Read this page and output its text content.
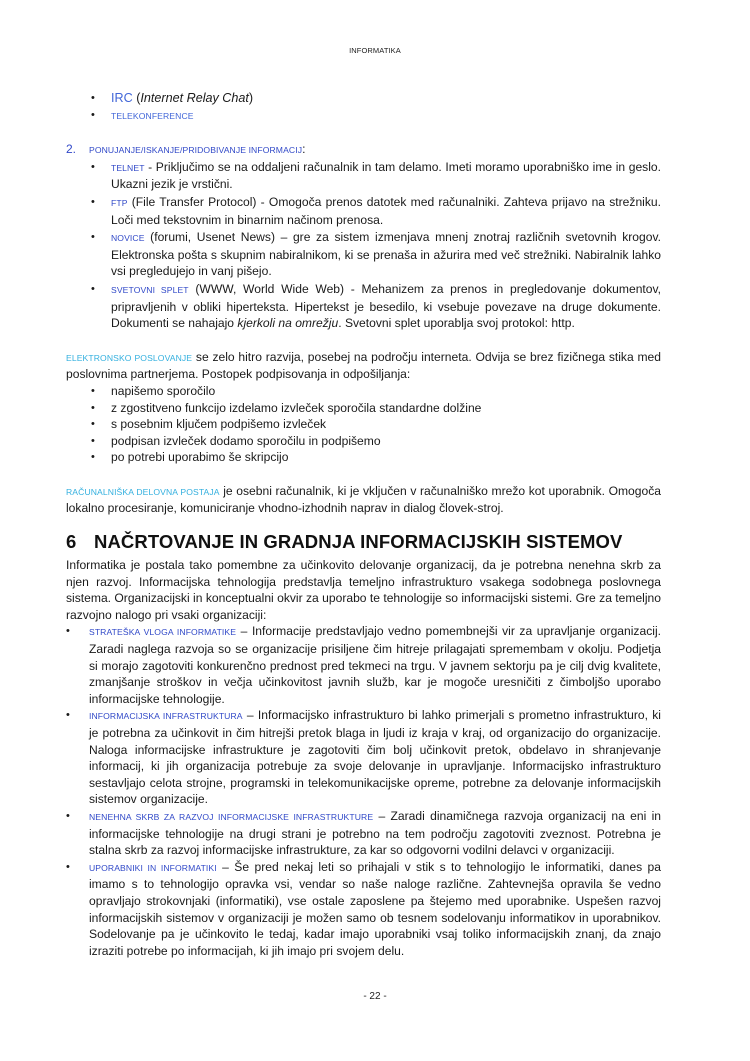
INFORMATIKA
• IRC (Internet Relay Chat)
• TELEKONFERENCE
2. PONUJANJE/ISKANJE/PRIDOBIVANJE INFORMACIJ:
• TELNET - Priključimo se na oddaljeni računalnik in tam delamo. Imeti moramo uporabniško ime in geslo. Ukazni jezik je vrstični.
• FTP (File Transfer Protocol) - Omogoča prenos datotek med računalniki. Zahteva prijavo na strežniku. Loči med tekstovnim in binarnim načinom prenosa.
• NOVICE (forumi, Usenet News) – gre za sistem izmenjava mnenj znotraj različnih svetovnih krogov. Elektronska pošta s skupnim nabiralnikom, ki se prenaša in ažurira med več strežniki. Nabiralnik lahko vsi pregledujejo in vanj pišejo.
• SVETOVNI SPLET (WWW, World Wide Web) - Mehanizem za prenos in pregledovanje dokumentov, pripravljenih v obliki hiperteksta. Hipertekst je besedilo, ki vsebuje povezave na druge dokumente. Dokumenti se nahajajo kjerkoli na omrežju. Svetovni splet uporablja svoj protokol: http.

ELEKTRONSKO POSLOVANJE se zelo hitro razvija, posebej na področju interneta. Odvija se brez fizičnega stika med poslovnima partnerjema. Postopek podpisovanja in odpošiljanja:

• napišemo sporočilo
• z zgostitveno funkcijo izdelamo izvleček sporočila standardne dolžine
• s posebnim ključem podpišemo izvleček
• podpisan izvleček dodamo sporočilu in podpišemo
• po potrebi uporabimo še skripcijo

RAČUNALNIŠKA DELOVNA POSTAJA je osebni računalnik, ki je vključen v računalniško mrežo kot uporabnik. Omogoča lokalno procesiranje, komuniciranje vhodno-izhodnih naprav in dialog človek-stroj.

6 NAČRTOVANJE IN GRADNJA INFORMACIJSKIH SISTEMOV

Informatika je postala tako pomembne za učinkovito delovanje organizacij, da je potrebna nenehna skrb za njen razvoj. Informacijska tehnologija predstavlja temeljno infrastrukturo vsakega sodobnega poslovnega sistema. Organizacijski in konceptualni okvir za uporabo te tehnologije so informacijski sistemi. Gre za temeljno razvojno nalogo pri vsaki organizaciji:

• STRATEŠKA VLOGA INFORMATIKE – Informacije predstavljajo vedno pomembnejši vir za upravljanje organizacij. Zaradi naglega razvoja so se organizacije prisiljene čim hitreje prilagajati spremembam v okolju. Podjetja si morajo zagotoviti konkurenčno prednost pred tekmeci na trgu. V javnem sektorju pa je cilj dvig kvalitete, zmanjšanje stroškov in večja učinkovitost javnih služb, kar je mogoče uresničiti z čimboljšo uporabo informacijske tehnologije.
• INFORMACIJSKA INFRASTRUKTURA – Informacijsko infrastrukturo bi lahko primerjali s prometno infrastrukturo, ki je potrebna za učinkovit in čim hitrejši pretok blaga in ljudi iz kraja v kraj, od organizacijo do organizacije. Naloga informacijske infrastrukture je zagotoviti čim bolj učinkovit pretok, obdelavo in shranjevanje informacij, ki jih organizacija potrebuje za svoje delovanje in upravljanje. Informacijsko infrastrukturo sestavljajo celota strojne, programski in telekomunikacijske opreme, potrebne za delovanje informacijskih sistemov organizacije.
• NENEHNA SKRB ZA RAZVOJ INFORMACIJSKE INFRASTRUKTURE – Zaradi dinamičnega razvoja organizacij na eni in informacijske tehnologije na drugi strani je potrebno na tem področju zagotoviti zveznost. Potrebna je stalna skrb za razvoj informacijske infrastrukture, za kar so odgovorni vodilni delavci v organizaciji.
• UPORABNIKI IN INFORMATIKI – Še pred nekaj leti so prihajali v stik s to tehnologijo le informatiki, danes pa imamo s to tehnologijo opravka vsi, vendar so naše naloge različne. Zahtevnejša opravila še vedno opravljajo strokovnjaki (informatiki), vse ostale zaposlene pa štejemo med uporabnike. Uspešen razvoj informacijskih sistemov v organizaciji je možen samo ob tesnem sodelovanju informatikov in uporabnikov. Sodelovanje pa je učinkovito le tedaj, kadar imajo uporabniki vsaj toliko informacijskih znanj, da znajo izraziti potrebe po informacijah, ki jih imajo pri svojem delu.
- 22 -
